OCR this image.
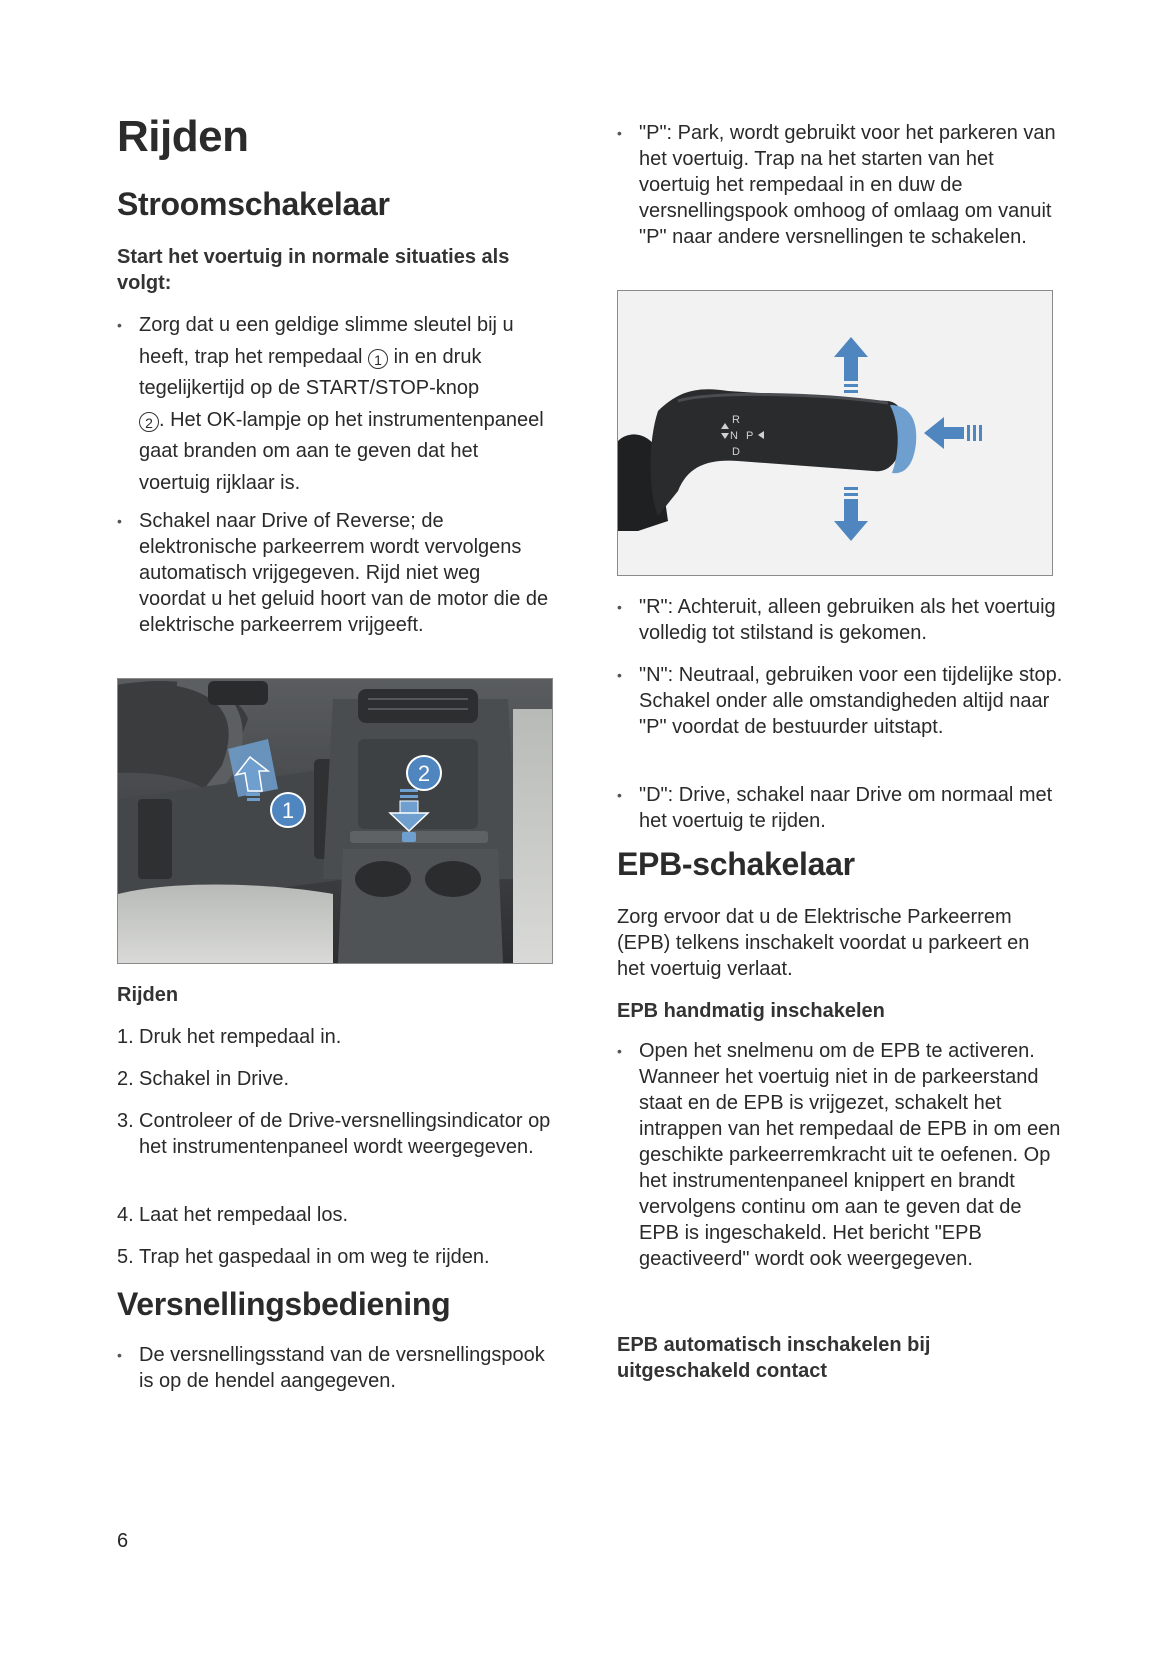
Rijden
Stroomschakelaar

Start het voertuig in normale situaties als volgt:

• Zorg dat u een geldige slimme sleutel bij u heeft, trap het rempedaal 1 in en druk tegelijkertijd op de START/STOP-knop
2 . Het OK-lampje op het instrumentenpaneel gaat branden om aan te geven dat het voertuig rijklaar is.
• Schakel naar Drive of Reverse; de elektronische parkeerrem wordt vervolgens automatisch vrijgegeven. Rijd niet weg voordat u het geluid hoort van de motor die de elektrische parkeerrem vrijgeeft.
1
2

Rijden

1. Druk het rempedaal in.
2. Schakel in Drive.
3. Controleer of de Drive-versnellingsindicator op het instrumentenpaneel wordt weergegeven.
4. Laat het rempedaal los.
5. Trap het gaspedaal in om weg te rijden.
Versnellingsbediening
• De versnellingsstand van de versnellingspook is op de hendel aangegeven.
• "P": Park, wordt gebruikt voor het parkeren van het voertuig. Trap na het starten van het voertuig het rempedaal in en duw de versnellingspook omhoog of omlaag om vanuit "P" naar andere versnellingen te schakelen.
R
N P
D
• "R": Achteruit, alleen gebruiken als het voertuig volledig tot stilstand is gekomen.
• "N": Neutraal, gebruiken voor een tijdelijke stop. Schakel onder alle omstandigheden altijd naar "P" voordat de bestuurder uitstapt.
• "D": Drive, schakel naar Drive om normaal met het voertuig te rijden.
EPB-schakelaar

Zorg ervoor dat u de Elektrische Parkeerrem (EPB) telkens inschakelt voordat u parkeert en het voertuig verlaat.

EPB handmatig inschakelen

• Open het snelmenu om de EPB te activeren. Wanneer het voertuig niet in de parkeerstand staat en de EPB is vrijgezet, schakelt het intrappen van het rempedaal de EPB in om een geschikte parkeerremkracht uit te oefenen. Op het instrumentenpaneel knippert en brandt vervolgens continu om aan te geven dat de EPB is ingeschakeld. Het bericht "EPB geactiveerd" wordt ook weergegeven.

EPB automatisch inschakelen bij uitgeschakeld contact

6
